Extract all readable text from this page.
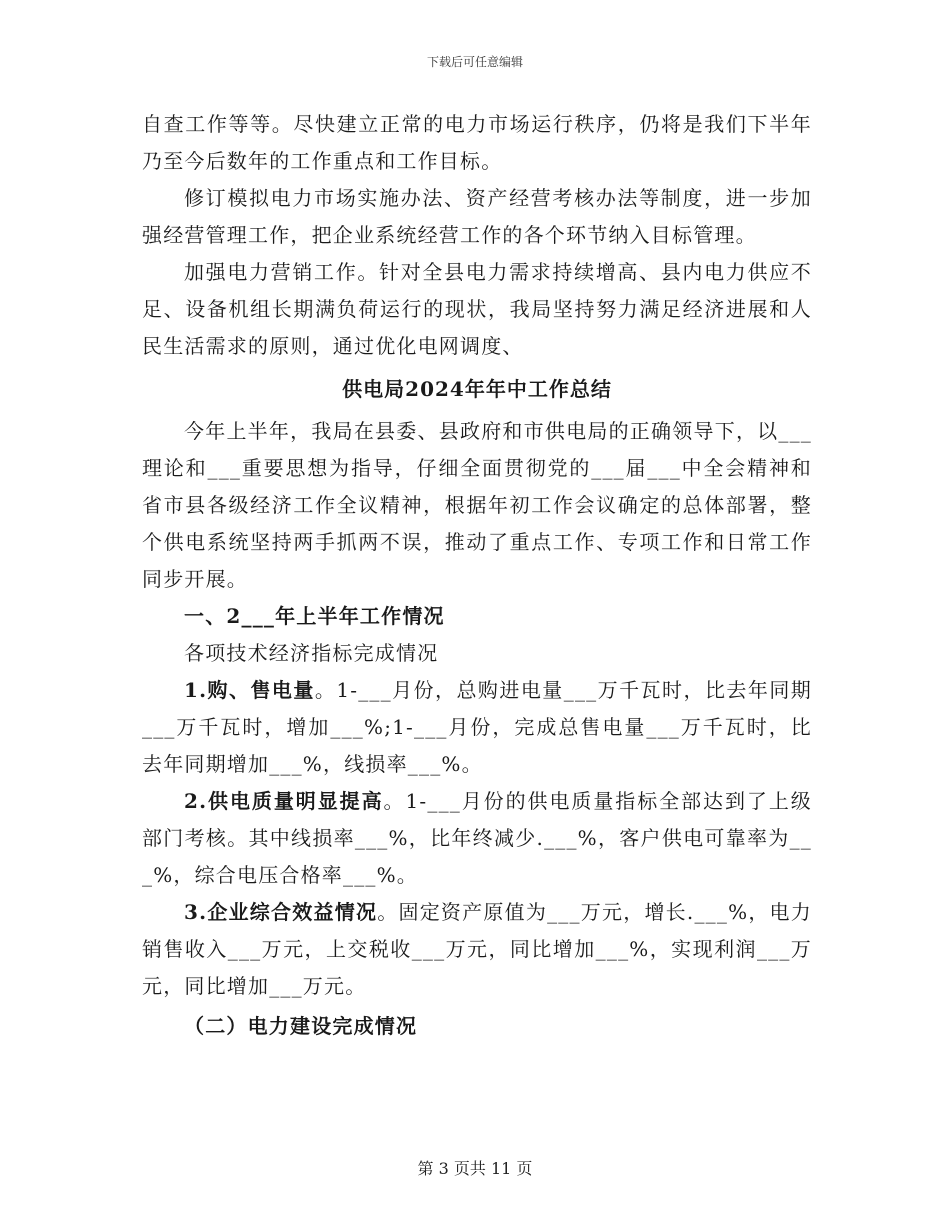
下载后可任意编辑

自查工作等等。尽快建立正常的电力市场运行秩序，仍将是我们下半年乃至今后数年的工作重点和工作目标。

修订模拟电力市场实施办法、资产经营考核办法等制度，进一步加强经营管理工作，把企业系统经营工作的各个环节纳入目标管理。

加强电力营销工作。针对全县电力需求持续增高、县内电力供应不足、设备机组长期满负荷运行的现状，我局坚持努力满足经济进展和人民生活需求的原则，通过优化电网调度、

供电局2024年年中工作总结

今年上半年，我局在县委、县政府和市供电局的正确领导下，以___理论和___重要思想为指导，仔细全面贯彻党的___届___中全会精神和省市县各级经济工作全议精神，根据年初工作会议确定的总体部署，整个供电系统坚持两手抓两不误，推动了重点工作、专项工作和日常工作同步开展。

一、2___年上半年工作情况

各项技术经济指标完成情况

1.购、售电量。1-___月份，总购进电量___万千瓦时，比去年同期___万千瓦时，增加___%;1-___月份，完成总售电量___万千瓦时，比去年同期增加___%，线损率___%。

2.供电质量明显提高。1-___月份的供电质量指标全部达到了上级部门考核。其中线损率___%，比年终减少.___%，客户供电可靠率为___%，综合电压合格率___%。

3.企业综合效益情况。固定资产原值为___万元，增长.___%，电力销售收入___万元，上交税收___万元，同比增加___%，实现利润___万元，同比增加___万元。

（二）电力建设完成情况

第 3 页共 11 页
